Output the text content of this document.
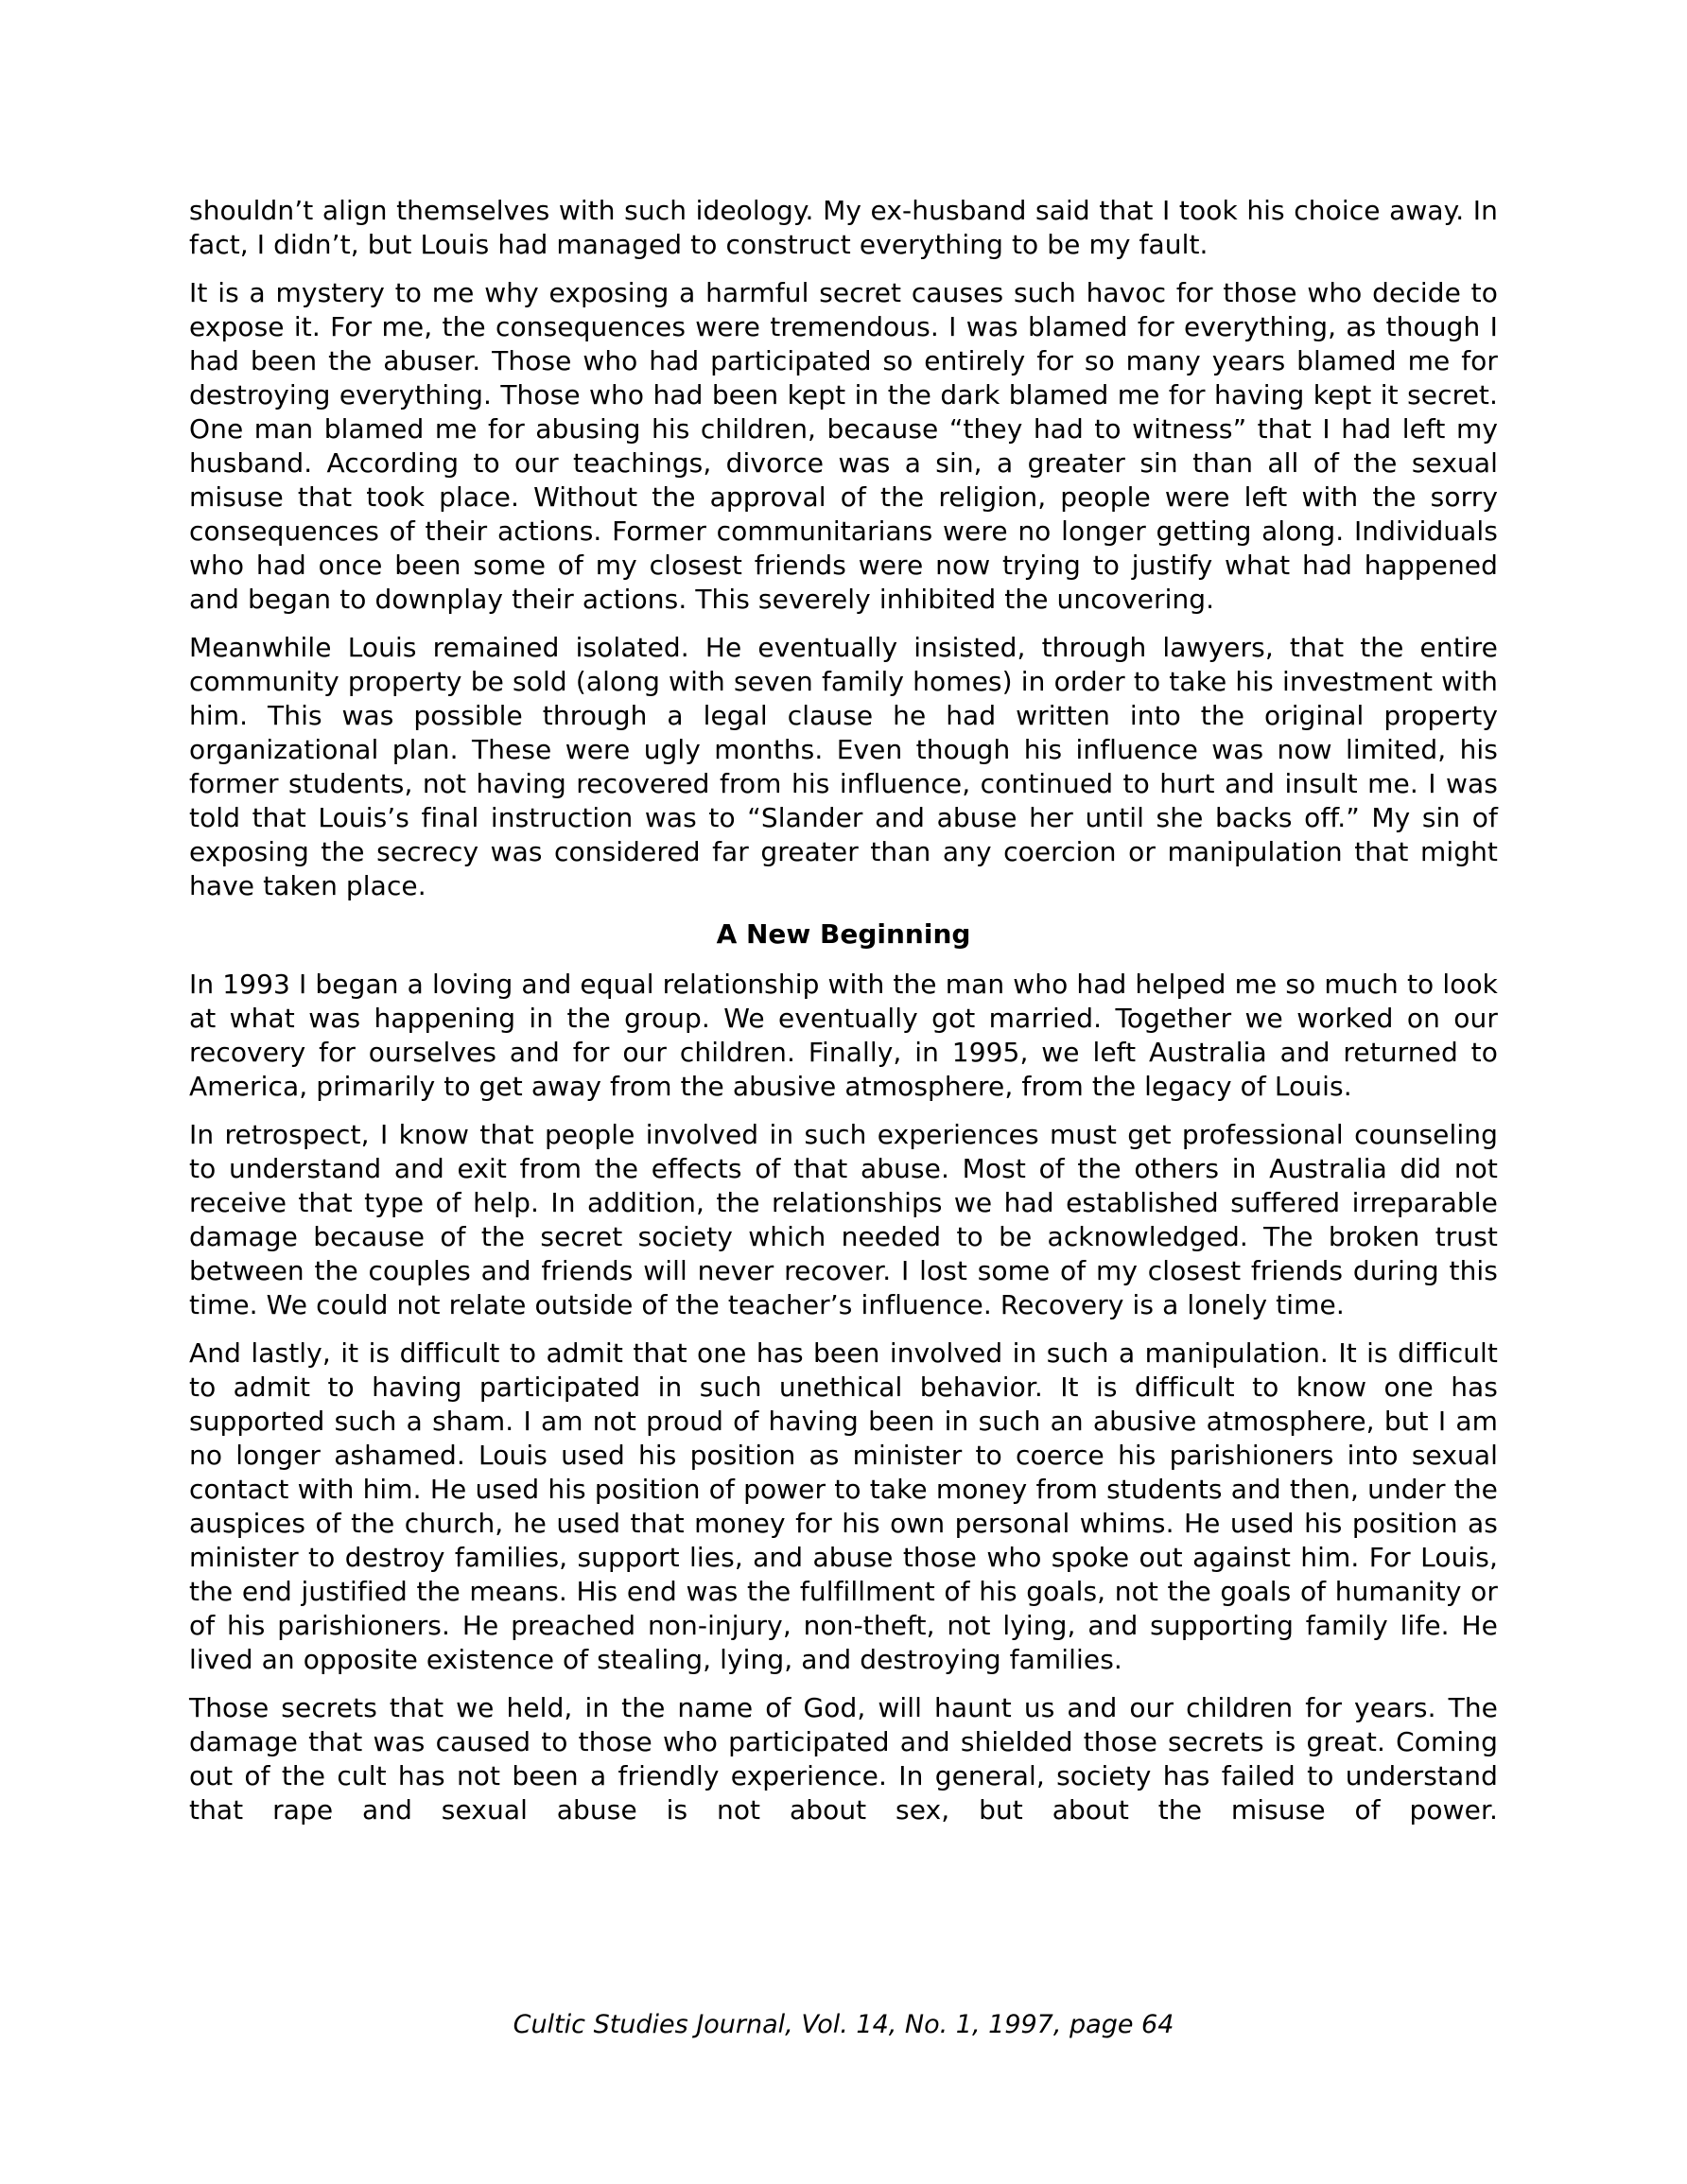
shouldn’t align themselves with such ideology. My ex-husband said that I took his choice away. In fact, I didn’t, but Louis had managed to construct everything to be my fault.

It is a mystery to me why exposing a harmful secret causes such havoc for those who decide to expose it. For me, the consequences were tremendous. I was blamed for everything, as though I had been the abuser. Those who had participated so entirely for so many years blamed me for destroying everything. Those who had been kept in the dark blamed me for having kept it secret. One man blamed me for abusing his children, because “they had to witness” that I had left my husband. According to our teachings, divorce was a sin, a greater sin than all of the sexual misuse that took place. Without the approval of the religion, people were left with the sorry consequences of their actions. Former communitarians were no longer getting along. Individuals who had once been some of my closest friends were now trying to justify what had happened and began to downplay their actions. This severely inhibited the uncovering.

Meanwhile Louis remained isolated. He eventually insisted, through lawyers, that the entire community property be sold (along with seven family homes) in order to take his investment with him. This was possible through a legal clause he had written into the original property organizational plan. These were ugly months. Even though his influence was now limited, his former students, not having recovered from his influence, continued to hurt and insult me. I was told that Louis’s final instruction was to “Slander and abuse her until she backs off.” My sin of exposing the secrecy was considered far greater than any coercion or manipulation that might have taken place.

A New Beginning

In 1993 I began a loving and equal relationship with the man who had helped me so much to look at what was happening in the group. We eventually got married. Together we worked on our recovery for ourselves and for our children. Finally, in 1995, we left Australia and returned to America, primarily to get away from the abusive atmosphere, from the legacy of Louis.

In retrospect, I know that people involved in such experiences must get professional counseling to understand and exit from the effects of that abuse. Most of the others in Australia did not receive that type of help. In addition, the relationships we had established suffered irreparable damage because of the secret society which needed to be acknowledged. The broken trust between the couples and friends will never recover. I lost some of my closest friends during this time. We could not relate outside of the teacher’s influence. Recovery is a lonely time.

And lastly, it is difficult to admit that one has been involved in such a manipulation. It is difficult to admit to having participated in such unethical behavior. It is difficult to know one has supported such a sham. I am not proud of having been in such an abusive atmosphere, but I am no longer ashamed. Louis used his position as minister to coerce his parishioners into sexual contact with him. He used his position of power to take money from students and then, under the auspices of the church, he used that money for his own personal whims. He used his position as minister to destroy families, support lies, and abuse those who spoke out against him. For Louis, the end justified the means. His end was the fulfillment of his goals, not the goals of humanity or of his parishioners. He preached non-injury, non-theft, not lying, and supporting family life. He lived an opposite existence of stealing, lying, and destroying families.

Those secrets that we held, in the name of God, will haunt us and our children for years. The damage that was caused to those who participated and shielded those secrets is great. Coming out of the cult has not been a friendly experience. In general, society has failed to understand that rape and sexual abuse is not about sex, but about the misuse of power.

Cultic Studies Journal, Vol. 14, No. 1, 1997, page 64
